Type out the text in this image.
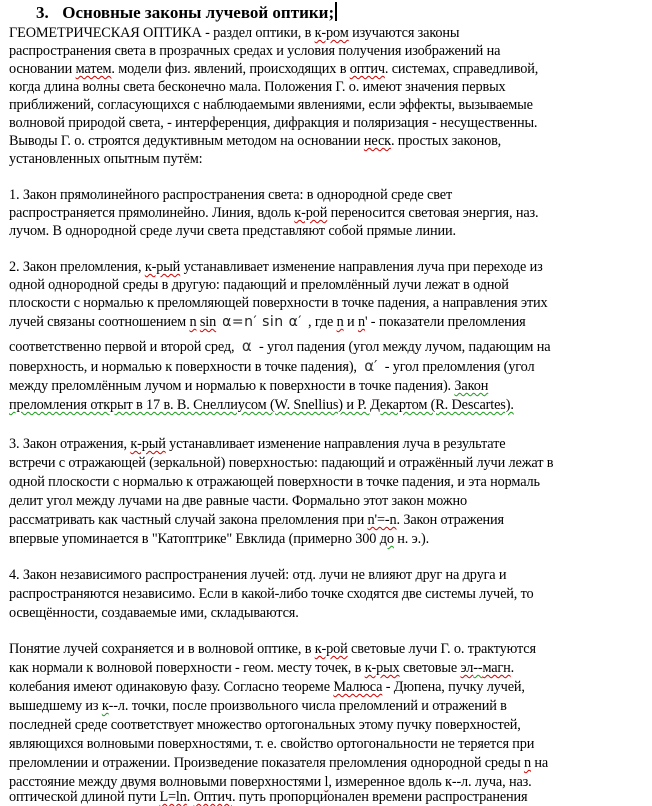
3. Основные законы лучевой оптики;
ГЕОМЕТРИЧЕСКАЯ ОПТИКА - раздел оптики, в к-ром изучаются законы
распространения света в прозрачных средах и условия получения изображений на
основании матем. модели физ. явлений, происходящих в оптич. системах, справедливой,
когда длина волны света бесконечно мала. Положения Г. о. имеют значения первых
приближений, согласующихся с наблюдаемыми явлениями, если эффекты, вызываемые
волновой природой света, - интерференция, дифракция и поляризация - несущественны.
Выводы Г. о. строятся дедуктивным методом на основании неск. простых законов,
установленных опытным путём:
1. Закон прямолинейного распространения света: в однородной среде свет
распространяется прямолинейно. Линия, вдоль к-рой переносится световая энергия, наз.
лучом. В однородной среде лучи света представляют собой прямые линии.
2. Закон преломления, к-рый устанавливает изменение направления луча при переходе из
одной однородной среды в другую: падающий и преломлённый лучи лежат в одной
плоскости с нормалью к преломляющей поверхности в точке падения, а направления этих
лучей связаны соотношением n sin α=n′ sin α′ , где n и n' - показатели преломления
соответственно первой и второй сред, α - угол падения (угол между лучом, падающим на
поверхность, и нормалью к поверхности в точке падения), α′ - угол преломления (угол
между преломлённым лучом и нормалью к поверхности в точке падения). Закон
преломления открыт в 17 в. В. Снеллиусом (W. Snellius) и Р. Декартом (R. Descartes).
3. Закон отражения, к-рый устанавливает изменение направления луча в результате
встречи с отражающей (зеркальной) поверхностью: падающий и отражённый лучи лежат в
одной плоскости с нормалью к отражающей поверхности в точке падения, и эта нормаль
делит угол между лучами на две равные части. Формально этот закон можно
рассматривать как частный случай закона преломления при n'=-n. Закон отражения
впервые упоминается в "Катоптрике" Евклида (примерно 300 до н. э.).
4. Закон независимого распространения лучей: отд. лучи не влияют друг на друга и
распространяются независимо. Если в какой-либо точке сходятся две системы лучей, то
освещённости, создаваемые ими, складываются.
Понятие лучей сохраняется и в волновой оптике, в к-рой световые лучи Г. о. трактуются
как нормали к волновой поверхности - геом. месту точек, в к-рых световые эл--магн.
колебания имеют одинаковую фазу. Согласно теореме Малюса - Дюпена, пучку лучей,
вышедшему из к--л. точки, после произвольного числа преломлений и отражений в
последней среде соответствует множество ортогональных этому пучку поверхностей,
являющихся волновыми поверхностями, т. е. свойство ортогональности не теряется при
преломлении и отражении. Произведение показателя преломления однородной среды n на
расстояние между двумя волновыми поверхностями l, измеренное вдоль к--л. луча, наз.
оптической длиной пути L=ln. Оптич. путь пропорционален времени распространения
